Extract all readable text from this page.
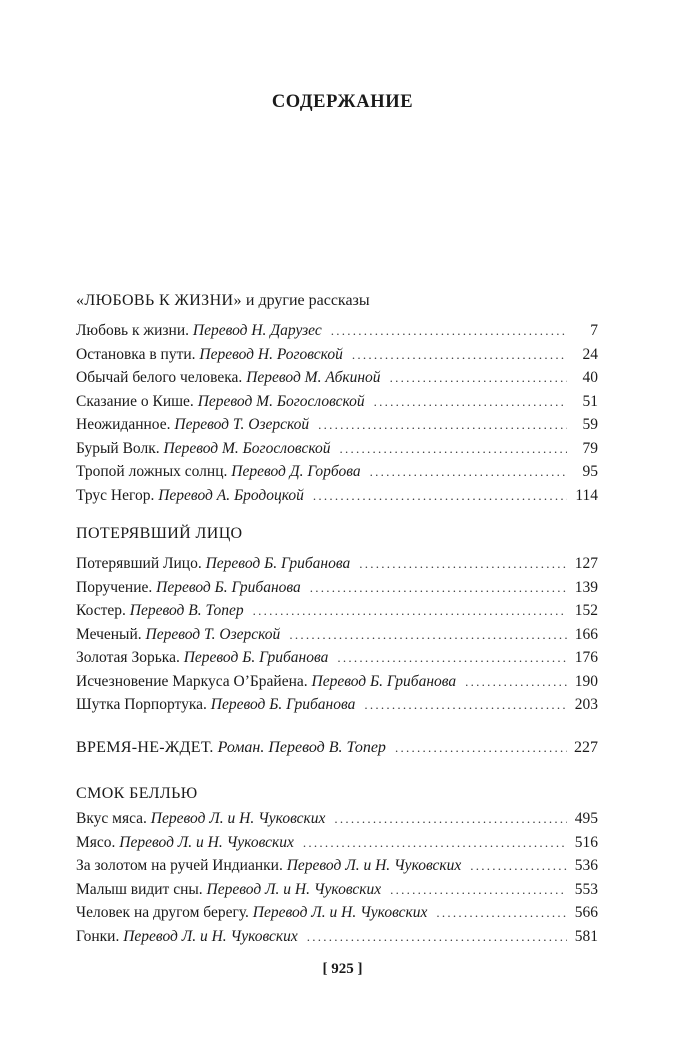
СОДЕРЖАНИЕ
«ЛЮБОВЬ К ЖИЗНИ» и другие рассказы
Любовь к жизни. Перевод Н. Дарузес . . .	7
Остановка в пути. Перевод Н. Роговской . . .	24
Обычай белого человека. Перевод М. Абкиной . . .	40
Сказание о Кише. Перевод М. Богословской . . .	51
Неожиданное. Перевод Т. Озерской . . .	59
Бурый Волк. Перевод М. Богословской . . .	79
Тропой ложных солнц. Перевод Д. Горбова . . .	95
Трус Негор. Перевод А. Бродоцкой . . .	114
ПОТЕРЯВШИЙ ЛИЦО
Потерявший Лицо. Перевод Б. Грибанова . . .	127
Поручение. Перевод Б. Грибанова . . .	139
Костер. Перевод В. Топер . . .	152
Меченый. Перевод Т. Озерской . . .	166
Золотая Зорька. Перевод Б. Грибанова . . .	176
Исчезновение Маркуса О’Брайена. Перевод Б. Грибанова . . .	190
Шутка Порпортука. Перевод Б. Грибанова . . .	203
ВРЕМЯ-НЕ-ЖДЕТ. Роман. Перевод В. Топер . . .	227
СМОК БЕЛЛЬЮ
Вкус мяса. Перевод Л. и Н. Чуковских . . .	495
Мясо. Перевод Л. и Н. Чуковских . . .	516
За золотом на ручей Индианки. Перевод Л. и Н. Чуковских . . .	536
Малыш видит сны. Перевод Л. и Н. Чуковских . . .	553
Человек на другом берегу. Перевод Л. и Н. Чуковских . . .	566
Гонки. Перевод Л. и Н. Чуковских . . .	581
[ 925 ]
